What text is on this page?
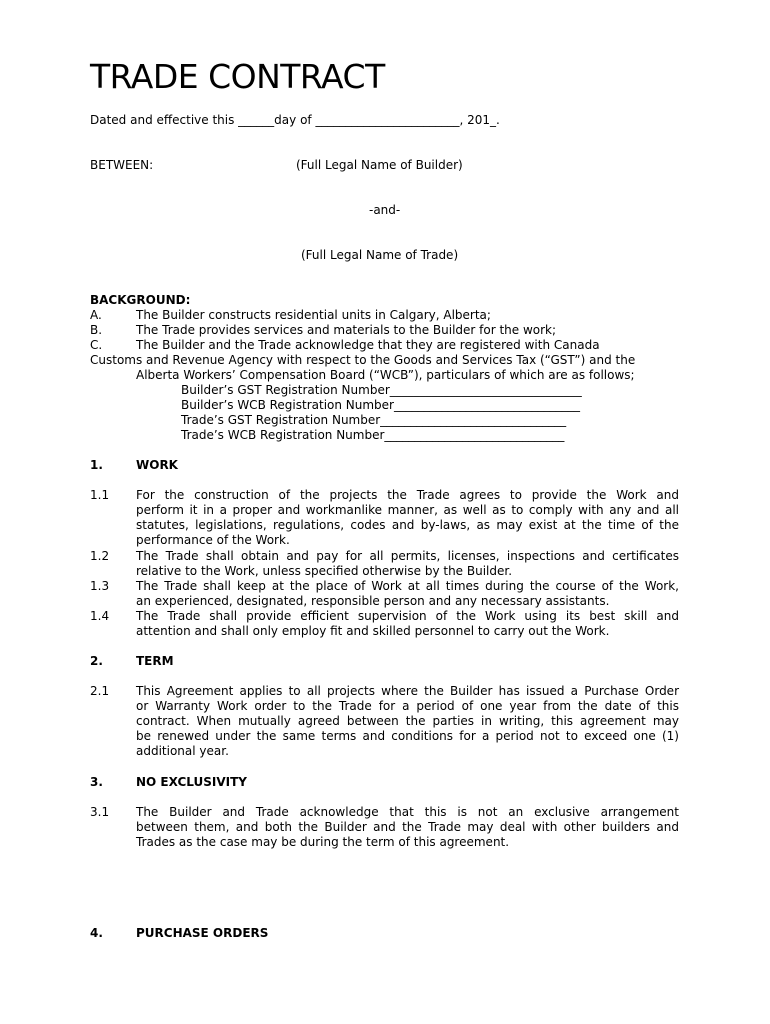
TRADE CONTRACT
Dated and effective this ______day of ________________________, 201_.
BETWEEN:	(Full Legal Name of Builder)
-and-
(Full Legal Name of Trade)
BACKGROUND:
A.	The Builder constructs residential units in Calgary, Alberta;
B.	The Trade provides services and materials to the Builder for the work;
C.	The Builder and the Trade acknowledge that they are registered with Canada
Customs and Revenue Agency with respect to the Goods and Services Tax (“GST”) and the
Alberta Workers’ Compensation Board (“WCB”), particulars of which are as follows;
Builder’s GST Registration Number________________________________
Builder’s WCB Registration Number_______________________________
Trade’s GST Registration Number_______________________________
Trade’s WCB Registration Number______________________________
1.	WORK
1.1 For the construction of the projects the Trade agrees to provide the Work and
perform it in a proper and workmanlike manner, as well as to comply with any and all
statutes, legislations, regulations, codes and by-laws, as may exist at the time of the
performance of the Work.
1.2 The Trade shall obtain and pay for all permits, licenses, inspections and certificates
relative to the Work, unless specified otherwise by the Builder.
1.3 The Trade shall keep at the place of Work at all times during the course of the Work,
an experienced, designated, responsible person and any necessary assistants.
1.4 The Trade shall provide efficient supervision of the Work using its best skill and
attention and shall only employ fit and skilled personnel to carry out the Work.
2.	TERM
2.1 This Agreement applies to all projects where the Builder has issued a Purchase Order
or Warranty Work order to the Trade for a period of one year from the date of this
contract. When mutually agreed between the parties in writing, this agreement may
be renewed under the same terms and conditions for a period not to exceed one (1)
additional year.
3.	NO EXCLUSIVITY
3.1 The Builder and Trade acknowledge that this is not an exclusive arrangement
between them, and both the Builder and the Trade may deal with other builders and
Trades as the case may be during the term of this agreement.
4.	PURCHASE ORDERS
